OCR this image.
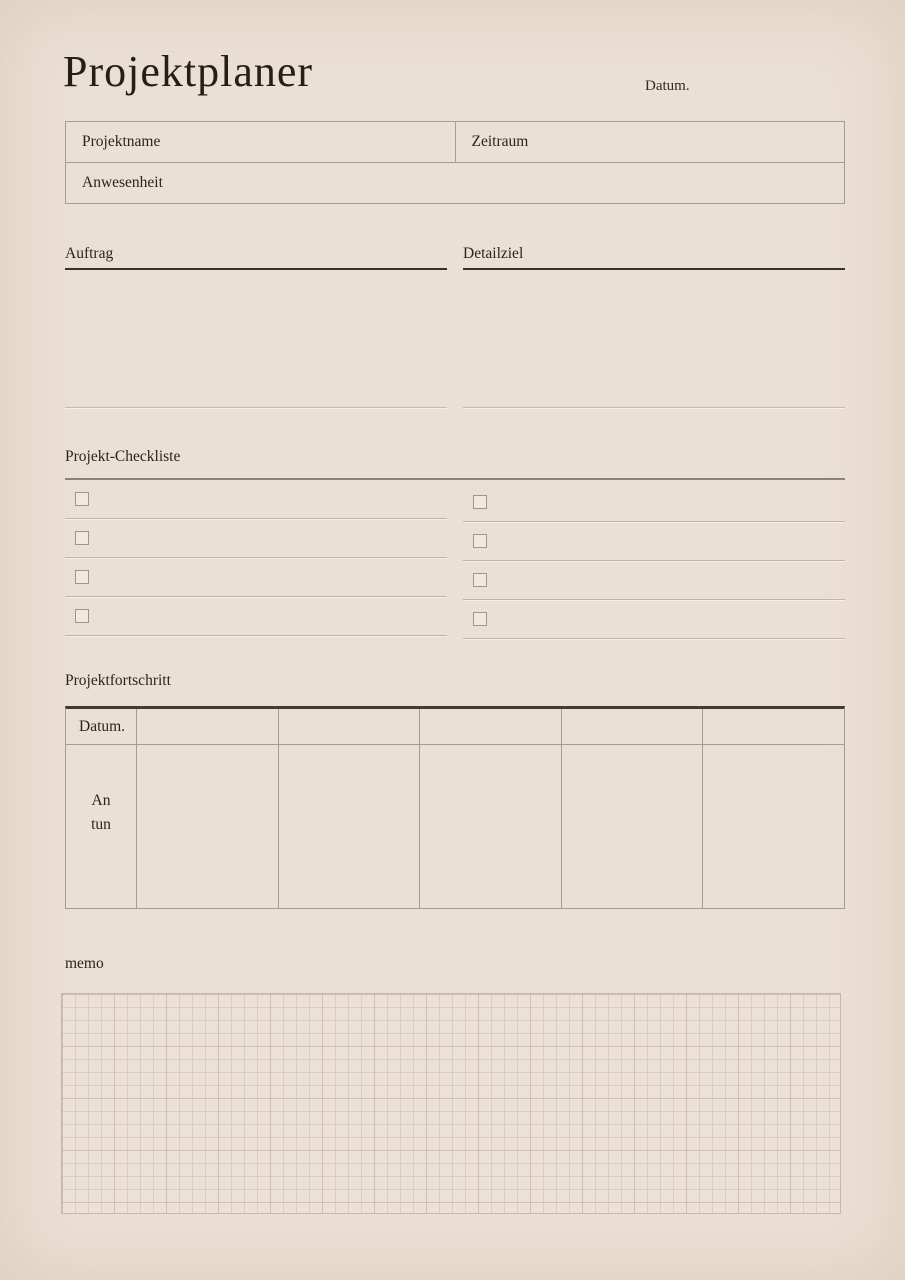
Projektplaner	Datum.
Projektname	Zeitraum
Anwesenheit
Auftrag	Detailziel
Projekt-Checkliste
Projektfortschritt
Datum.
An
tun
memo
